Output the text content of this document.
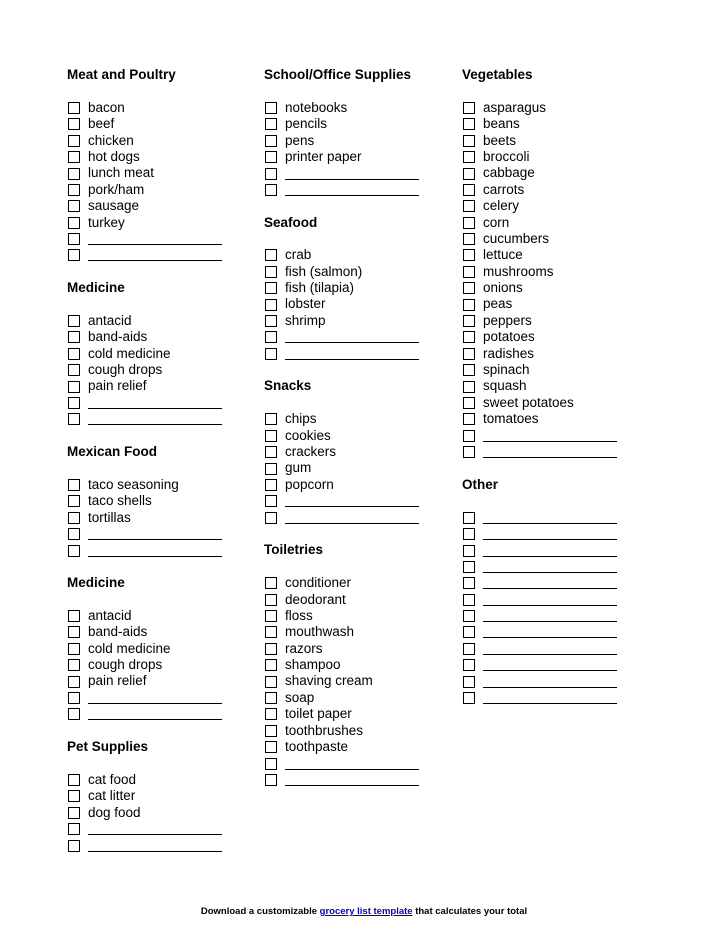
Meat and Poultry
bacon
beef
chicken
hot dogs
lunch meat
pork/ham
sausage
turkey
Medicine
antacid
band-aids
cold medicine
cough drops
pain relief
Mexican Food
taco seasoning
taco shells
tortillas
Medicine
antacid
band-aids
cold medicine
cough drops
pain relief
Pet Supplies
cat food
cat litter
dog food
School/Office Supplies
notebooks
pencils
pens
printer paper
Seafood
crab
fish (salmon)
fish (tilapia)
lobster
shrimp
Snacks
chips
cookies
crackers
gum
popcorn
Toiletries
conditioner
deodorant
floss
mouthwash
razors
shampoo
shaving cream
soap
toilet paper
toothbrushes
toothpaste
Vegetables
asparagus
beans
beets
broccoli
cabbage
carrots
celery
corn
cucumbers
lettuce
mushrooms
onions
peas
peppers
potatoes
radishes
spinach
squash
sweet potatoes
tomatoes
Other
Download a customizable grocery list template that calculates your total
